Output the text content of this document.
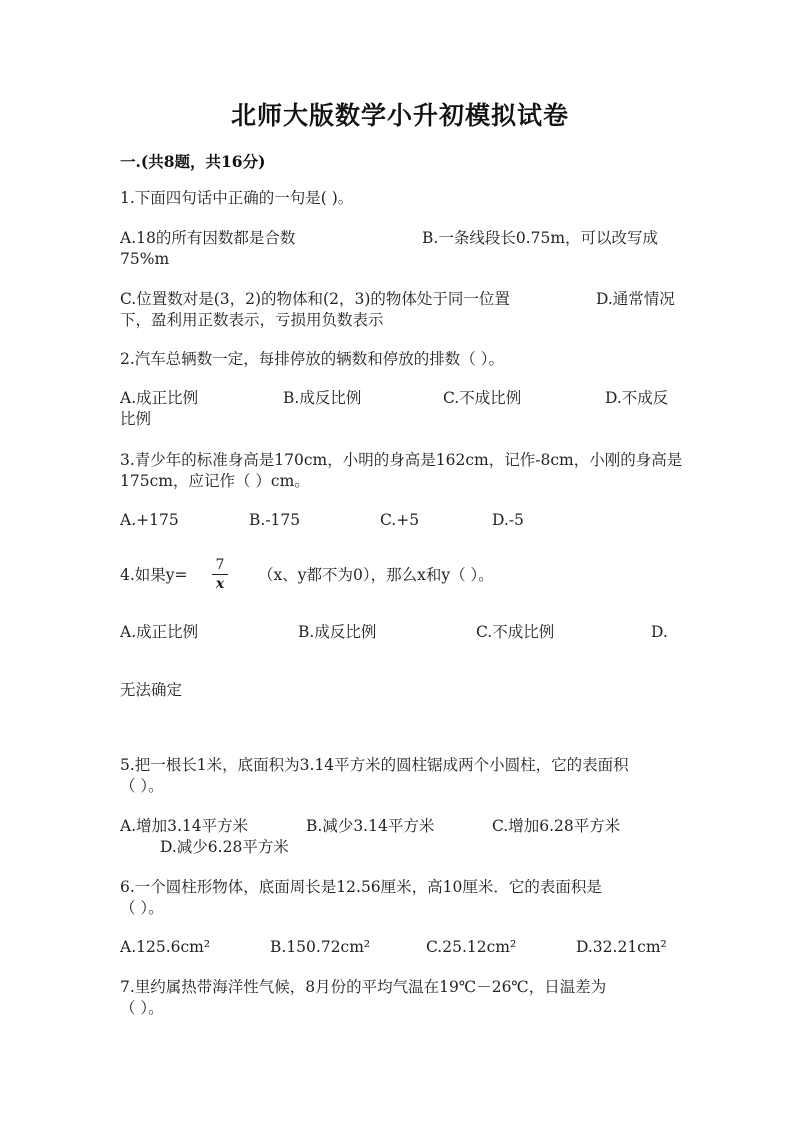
北师大版数学小升初模拟试卷
一.(共8题，共16分)
1.下面四句话中正确的一句是( )。
A.18的所有因数都是合数	B.一条线段长0.75m，可以改写成
75%m
C.位置数对是(3，2)的物体和(2，3)的物体处于同一位置	D.通常情况
下，盈利用正数表示，亏损用负数表示
2.汽车总辆数一定，每排停放的辆数和停放的排数（ ）。
A.成正比例	B.成反比例	C.不成比例	D.不成反
比例
3.青少年的标准身高是170cm，小明的身高是162cm，记作-8cm，小刚的身高是
175cm，应记作（ ）cm。
A.+175	B.-175	C.+5	D.-5
4.如果$y= \frac{7}{x} (x$、y都不为0），那么x和y（ ）。
A.成正比例	B.成反比例	C.不成比例	D.
无法确定
5.把一根长1米，底面积为3.14平方米的圆柱锯成两个小圆柱，它的表面积
（ ）。
A.增加3.14平方米	B.减少3.14平方米	C.增加6.28平方米
D.减少6.28平方米
6.一个圆柱形物体，底面周长是12.56厘米，高10厘米．它的表面积是
（ ）。
A.125.6cm²	B.150.72cm²	C.25.12cm²	D.32.21cm²
7.里约属热带海洋性气候，8月份的平均气温在19℃－26℃，日温差为
（ ）。
